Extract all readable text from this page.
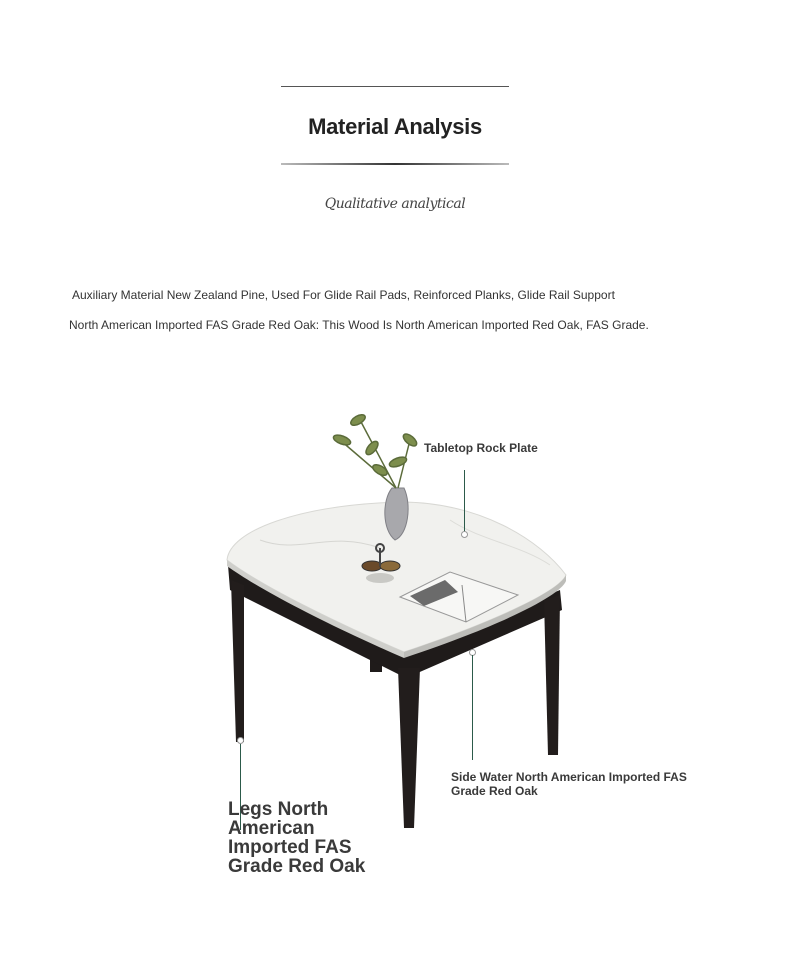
Material Analysis
Qualitative analytical
Auxiliary Material New Zealand Pine, Used For Glide Rail Pads, Reinforced Planks, Glide Rail Support
North American Imported FAS Grade Red Oak: This Wood Is North American Imported Red Oak, FAS Grade.
Tabletop Rock Plate
Side Water North American Imported FAS Grade Red Oak
Legs North American Imported FAS Grade Red Oak
